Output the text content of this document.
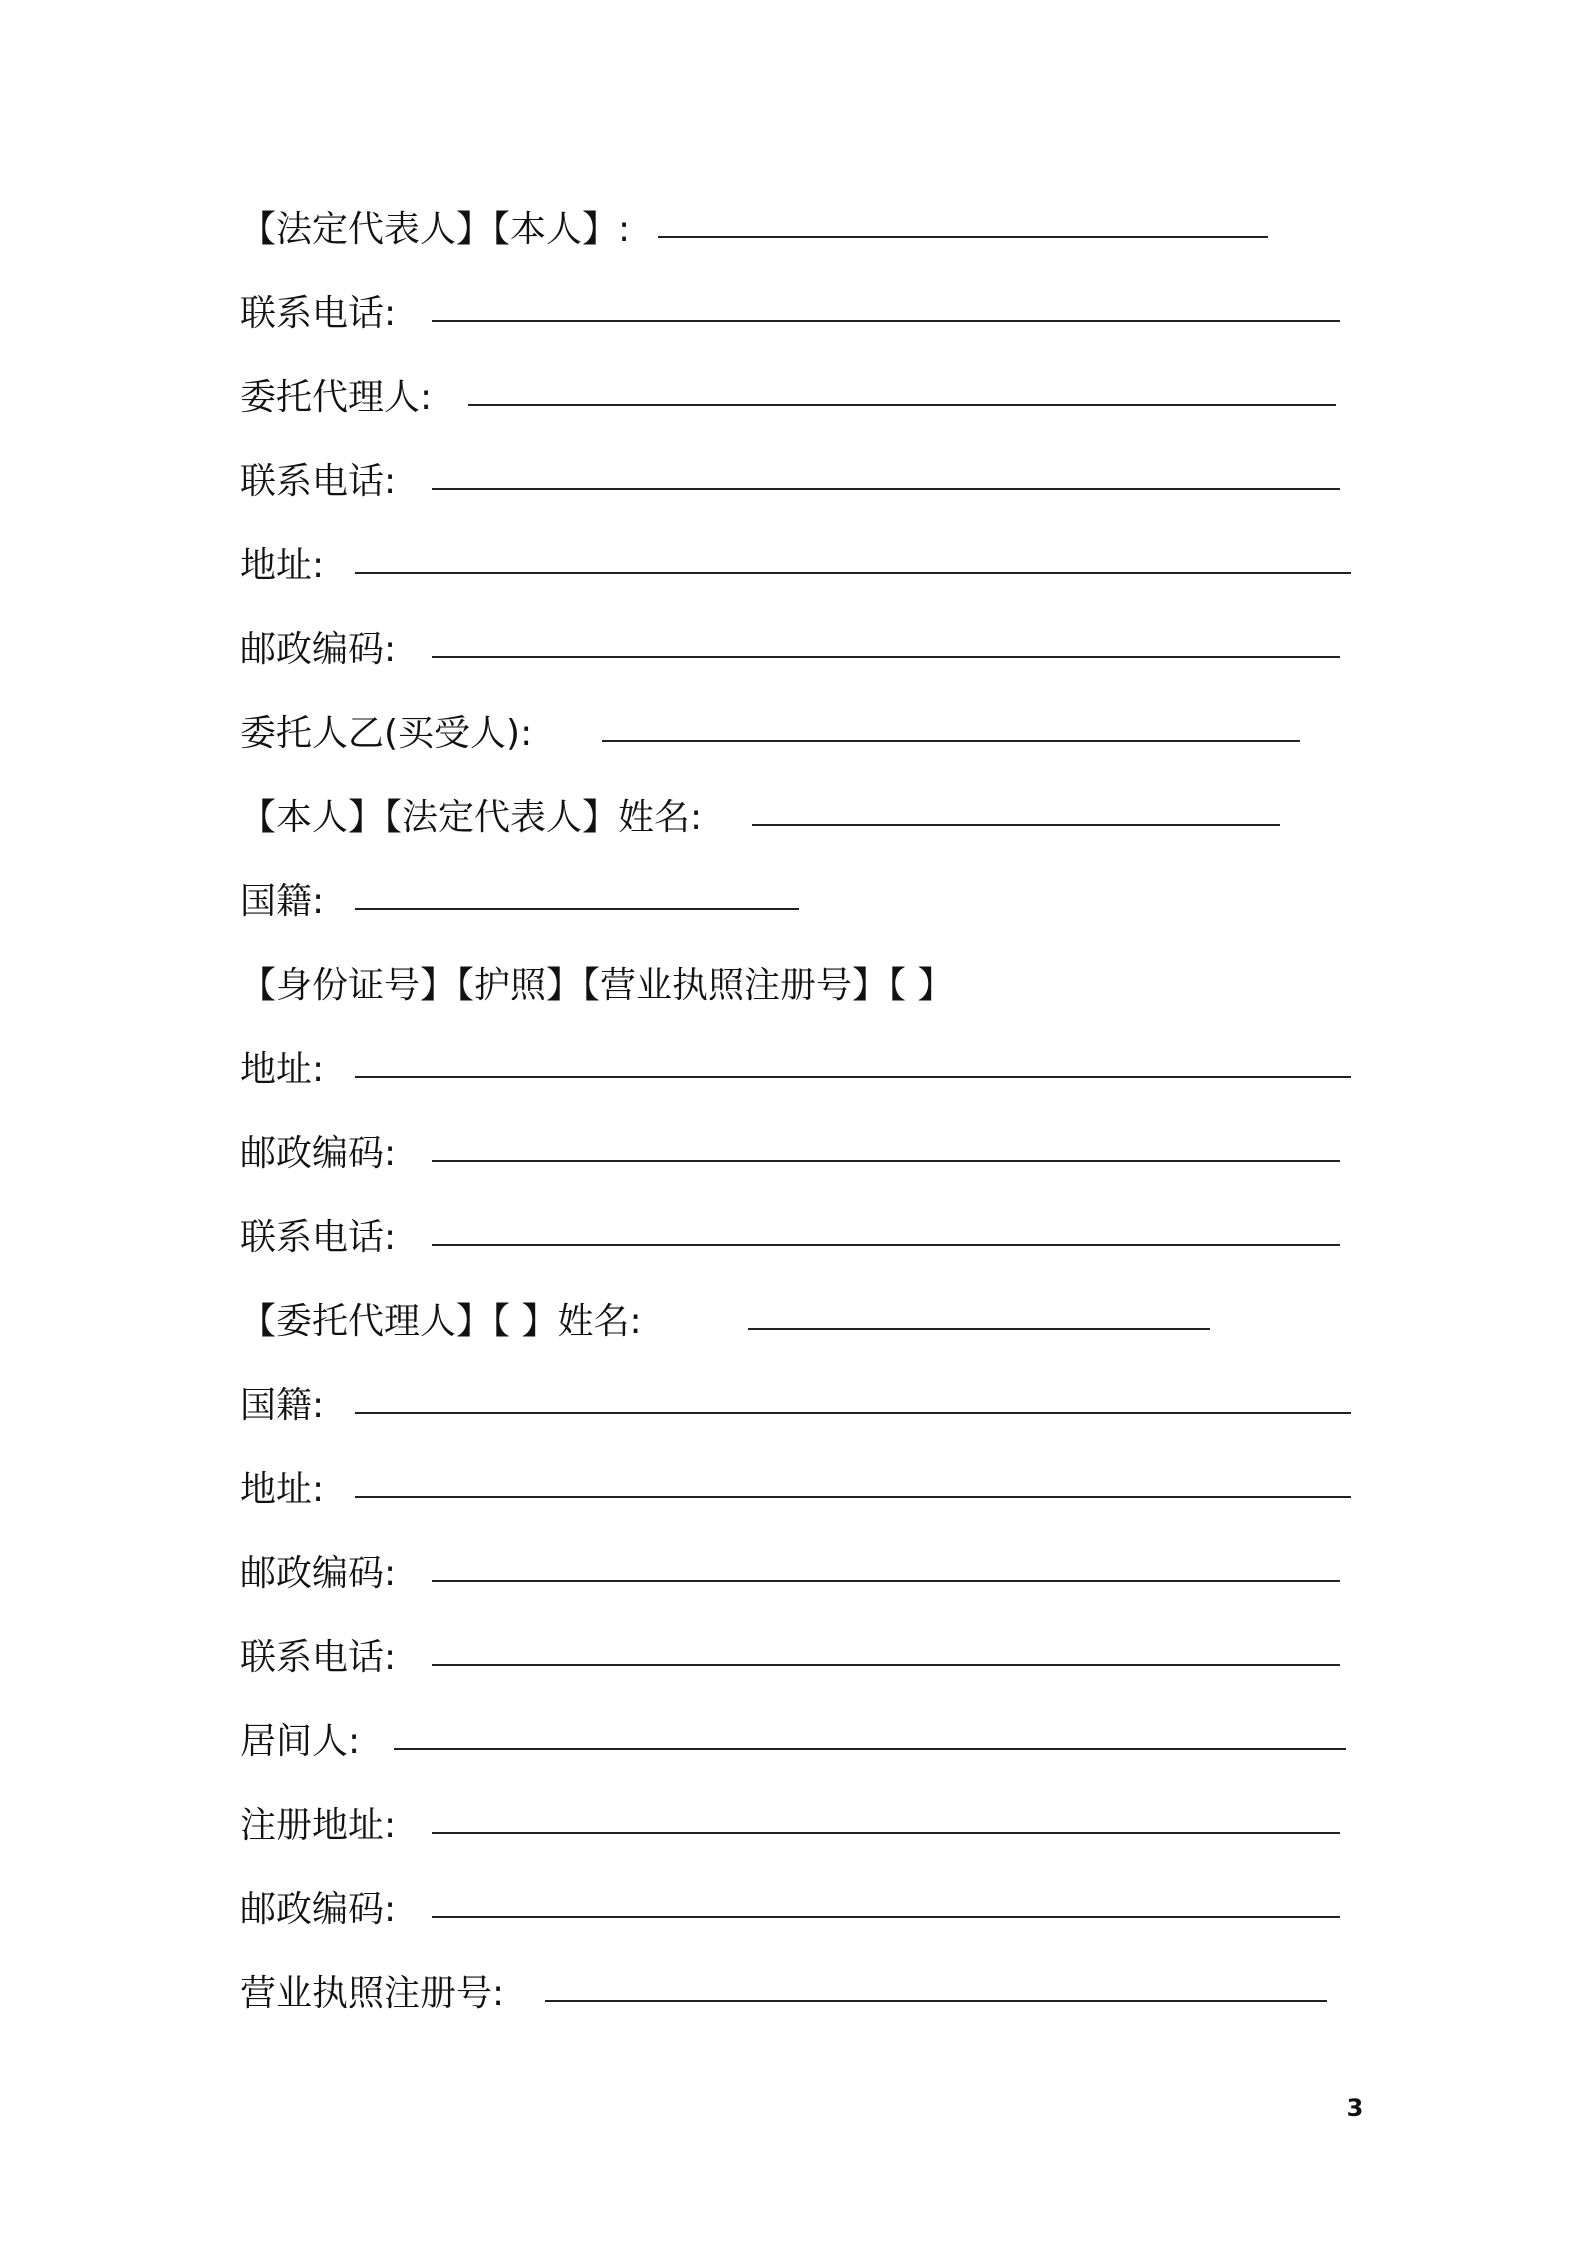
【法定代表人】【本人】:
联系电话:
委托代理人:
联系电话:
地址:
邮政编码:
委托人乙(买受人):
【本人】【法定代表人】姓名:
国籍:
【身份证号】【护照】【营业执照注册号】【 】
地址:
邮政编码:
联系电话:
【委托代理人】【 】姓名:
国籍:
地址:
邮政编码:
联系电话:
居间人:
注册地址:
邮政编码:
营业执照注册号:
3
